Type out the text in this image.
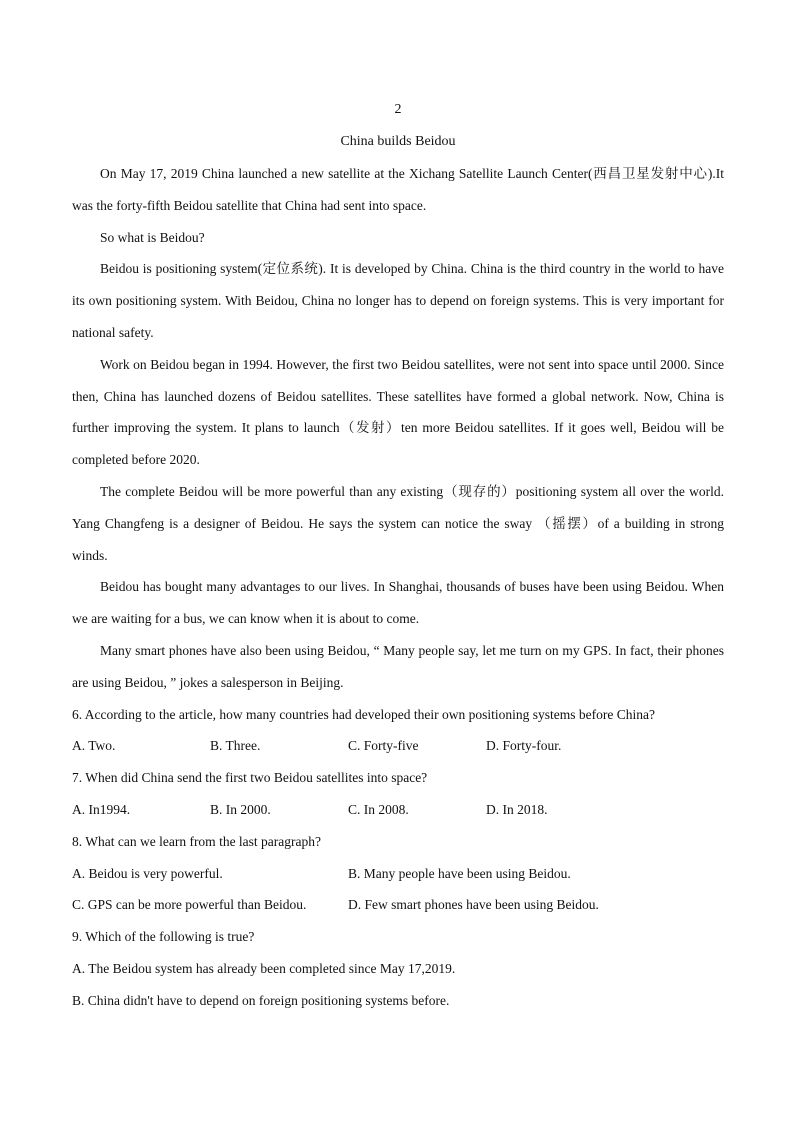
2

China builds Beidou

On May 17, 2019 China launched a new satellite at the Xichang Satellite Launch Center(西昌卫星发射中心).It was the forty-fifth Beidou satellite that China had sent into space.

So what is Beidou?

Beidou is positioning system(定位系统). It is developed by China. China is the third country in the world to have its own positioning system. With Beidou, China no longer has to depend on foreign systems. This is very important for national safety.

Work on Beidou began in 1994. However, the first two Beidou satellites, were not sent into space until 2000. Since then, China has launched dozens of Beidou satellites. These satellites have formed a global network. Now, China is further improving the system. It plans to launch（发射）ten more Beidou satellites. If it goes well, Beidou will be completed before 2020.

The complete Beidou will be more powerful than any existing（现存的）positioning system all over the world. Yang Changfeng is a designer of Beidou. He says the system can notice the sway （摇摆）of a building in strong winds.

Beidou has bought many advantages to our lives. In Shanghai, thousands of buses have been using Beidou. When we are waiting for a bus, we can know when it is about to come.

Many smart phones have also been using Beidou, “ Many people say, let me turn on my GPS. In fact, their phones are using Beidou, ” jokes a salesperson in Beijing.

6. According to the article, how many countries had developed their own positioning systems before China?

A. Two.	B. Three.	C. Forty-five	D. Forty-four.

7. When did China send the first two Beidou satellites into space?

A. In1994.	B. In 2000.	C. In 2008.	D. In 2018.

8. What can we learn from the last paragraph?

A. Beidou is very powerful.	B. Many people have been using Beidou.
C. GPS can be more powerful than Beidou.	D. Few smart phones have been using Beidou.

9. Which of the following is true?

A. The Beidou system has already been completed since May 17,2019.

B. China didn't have to depend on foreign positioning systems before.
